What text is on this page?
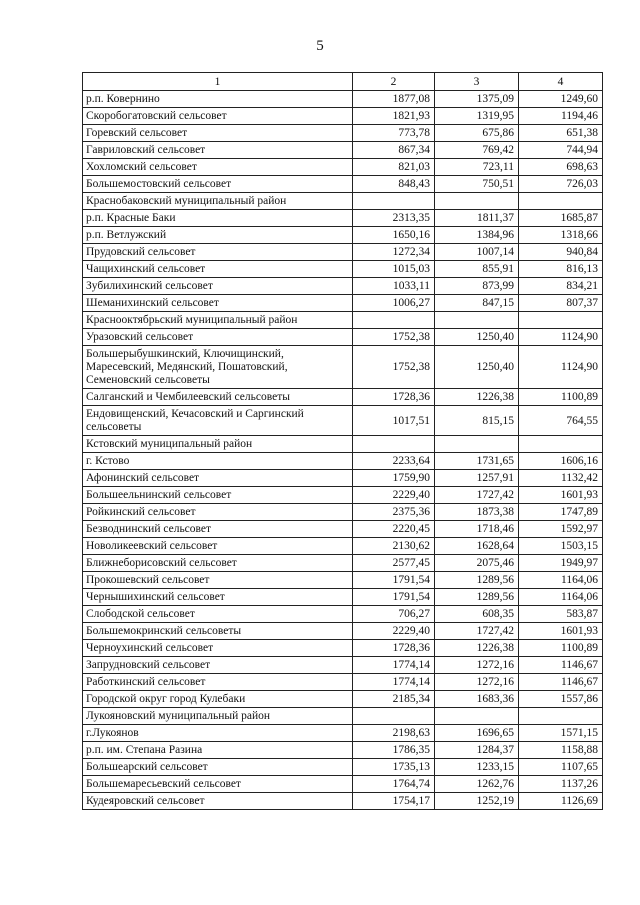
5
1	2	3	4
р.п. Ковернино	1877,08	1375,09	1249,60
Скоробогатовский сельсовет	1821,93	1319,95	1194,46
Горевский сельсовет	773,78	675,86	651,38
Гавриловский сельсовет	867,34	769,42	744,94
Хохломский сельсовет	821,03	723,11	698,63
Большемостовский сельсовет	848,43	750,51	726,03
Краснобаковский муниципальный район			
р.п. Красные Баки	2313,35	1811,37	1685,87
р.п. Ветлужский	1650,16	1384,96	1318,66
Прудовский сельсовет	1272,34	1007,14	940,84
Чащихинский сельсовет	1015,03	855,91	816,13
Зубилихинский сельсовет	1033,11	873,99	834,21
Шеманихинский сельсовет	1006,27	847,15	807,37
Краснооктябрьский муниципальный район			
Уразовский сельсовет	1752,38	1250,40	1124,90
Большерыбушкинский, Ключищинский, Маресевский, Медянский, Пошатовский, Семеновский сельсоветы	1752,38	1250,40	1124,90
Салганский и Чембилеевский сельсоветы	1728,36	1226,38	1100,89
Ендовищенский, Кечасовский и Саргинский сельсоветы	1017,51	815,15	764,55
Кстовский муниципальный район			
г. Кстово	2233,64	1731,65	1606,16
Афонинский сельсовет	1759,90	1257,91	1132,42
Большеельнинский сельсовет	2229,40	1727,42	1601,93
Ройкинский сельсовет	2375,36	1873,38	1747,89
Безводнинский сельсовет	2220,45	1718,46	1592,97
Новоликеевский сельсовет	2130,62	1628,64	1503,15
Ближнеборисовский сельсовет	2577,45	2075,46	1949,97
Прокошевский сельсовет	1791,54	1289,56	1164,06
Чернышихинский сельсовет	1791,54	1289,56	1164,06
Слободской сельсовет	706,27	608,35	583,87
Большемокринский сельсоветы	2229,40	1727,42	1601,93
Черноухинский сельсовет	1728,36	1226,38	1100,89
Запрудновский сельсовет	1774,14	1272,16	1146,67
Работкинский сельсовет	1774,14	1272,16	1146,67
Городской округ город Кулебаки	2185,34	1683,36	1557,86
Лукояновский муниципальный район			
г.Лукоянов	2198,63	1696,65	1571,15
р.п. им. Степана Разина	1786,35	1284,37	1158,88
Большеарский сельсовет	1735,13	1233,15	1107,65
Большемаресьевский сельсовет	1764,74	1262,76	1137,26
Кудеяровский сельсовет	1754,17	1252,19	1126,69
